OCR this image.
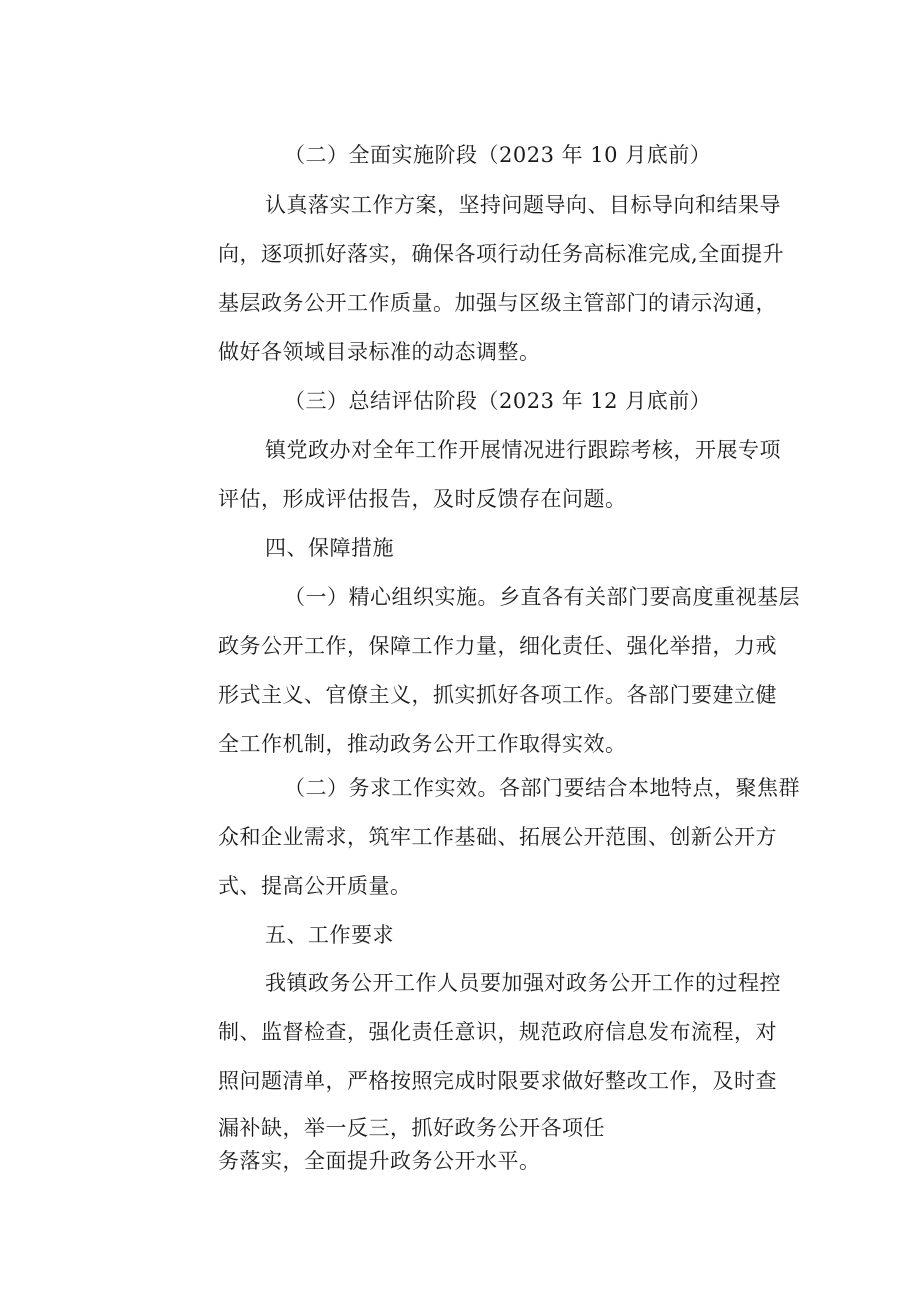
（二）全面实施阶段（2023 年 10 月底前）
认真落实工作方案，坚持问题导向、目标导向和结果导
向，逐项抓好落实，确保各项行动任务高标准完成,全面提升
基层政务公开工作质量。加强与区级主管部门的请示沟通，
做好各领域目录标准的动态调整。
（三）总结评估阶段（2023 年 12 月底前）
镇党政办对全年工作开展情况进行跟踪考核，开展专项
评估，形成评估报告，及时反馈存在问题。
四、保障措施
（一）精心组织实施。乡直各有关部门要高度重视基层
政务公开工作，保障工作力量，细化责任、强化举措，力戒
形式主义、官僚主义，抓实抓好各项工作。各部门要建立健
全工作机制，推动政务公开工作取得实效。
（二）务求工作实效。各部门要结合本地特点，聚焦群
众和企业需求，筑牢工作基础、拓展公开范围、创新公开方
式、提高公开质量。
五、工作要求
我镇政务公开工作人员要加强对政务公开工作的过程控
制、监督检查，强化责任意识，规范政府信息发布流程，对
照问题清单，严格按照完成时限要求做好整改工作，及时查
漏补缺，举一反三，抓好政务公开各项任
务落实，全面提升政务公开水平。
